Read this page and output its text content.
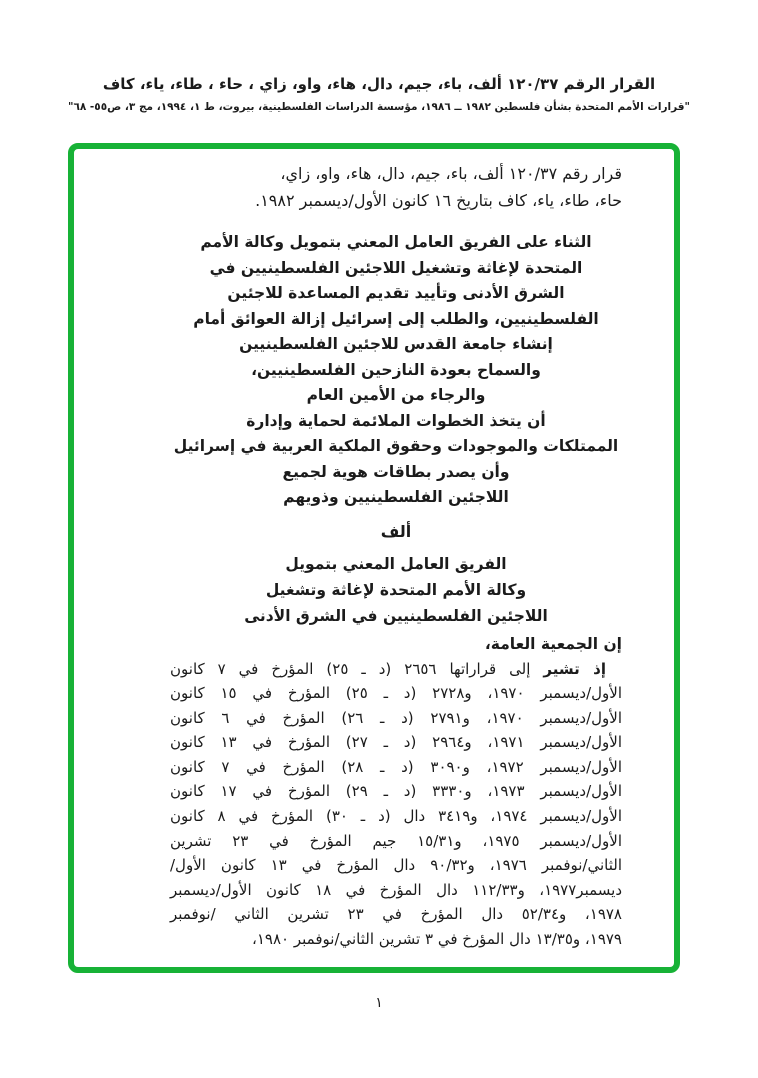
القرار الرقم ١٢٠/٣٧ ألف، باء، جيم، دال، هاء، واو، زاي ، حاء ، طاء، ياء، كاف
"قرارات الأمم المتحدة بشأن فلسطين ١٩٨٢ ــ ١٩٨٦، مؤسسة الدراسات الفلسطينية، بيروت، ط ١، ١٩٩٤، مج ٣، ص٥٥- ٦٨"
قرار رقم ١٢٠/٣٧ ألف، باء، جيم، دال، هاء، واو، زاي،
حاء، طاء، ياء، كاف بتاريخ ١٦ كانون الأول/ديسمبر ١٩٨٢.
الثناء على الفريق العامل المعني بتمويل وكالة الأمم
المتحدة لإغاثة وتشغيل اللاجئين الفلسطينيين في
الشرق الأدنى وتأييد تقديم المساعدة للاجئين
الفلسطينيين، والطلب إلى إسرائيل إزالة العوائق أمام
إنشاء جامعة القدس للاجئين الفلسطينيين
والسماح بعودة النازحين الفلسطينيين،
والرجاء من الأمين العام
أن يتخذ الخطوات الملائمة لحماية وإدارة
الممتلكات والموجودات وحقوق الملكية العربية في إسرائيل
وأن يصدر بطاقات هوية لجميع
اللاجئين الفلسطينيين وذويهم
ألف
الفريق العامل المعني بتمويل
وكالة الأمم المتحدة لإغاثة وتشغيل
اللاجئين الفلسطينيين في الشرق الأدنى
إن الجمعية العامة،
إذ تشير إلى قراراتها ٢٦٥٦ (د ـ ٢٥) المؤرخ في ٧ كانون
الأول/ديسمبر ١٩٧٠، و٢٧٢٨ (د ـ ٢٥) المؤرخ في ١٥ كانون
الأول/ديسمبر ١٩٧٠، و٢٧٩١ (د ـ ٢٦) المؤرخ في ٦ كانون
الأول/ديسمبر ١٩٧١، و٢٩٦٤ (د ـ ٢٧) المؤرخ في ١٣ كانون
الأول/ديسمبر ١٩٧٢، و٣٠٩٠ (د ـ ٢٨) المؤرخ في ٧ كانون
الأول/ديسمبر ١٩٧٣، و٣٣٣٠ (د ـ ٢٩) المؤرخ في ١٧ كانون
الأول/ديسمبر ١٩٧٤، و٣٤١٩ دال (د ـ ٣٠) المؤرخ في ٨ كانون
الأول/ديسمبر ١٩٧٥، و١٥/٣١ جيم المؤرخ في ٢٣ تشرين
الثاني/نوفمبر ١٩٧٦، و٩٠/٣٢ دال المؤرخ في ١٣ كانون الأول/
ديسمبر١٩٧٧، و١١٢/٣٣ دال المؤرخ في ١٨ كانون الأول/ديسمبر
١٩٧٨، و٥٢/٣٤ دال المؤرخ في ٢٣ تشرين الثاني /نوفمبر
١٩٧٩، و١٣/٣٥ دال المؤرخ في ٣ تشرين الثاني/نوفمبر ١٩٨٠،
١
